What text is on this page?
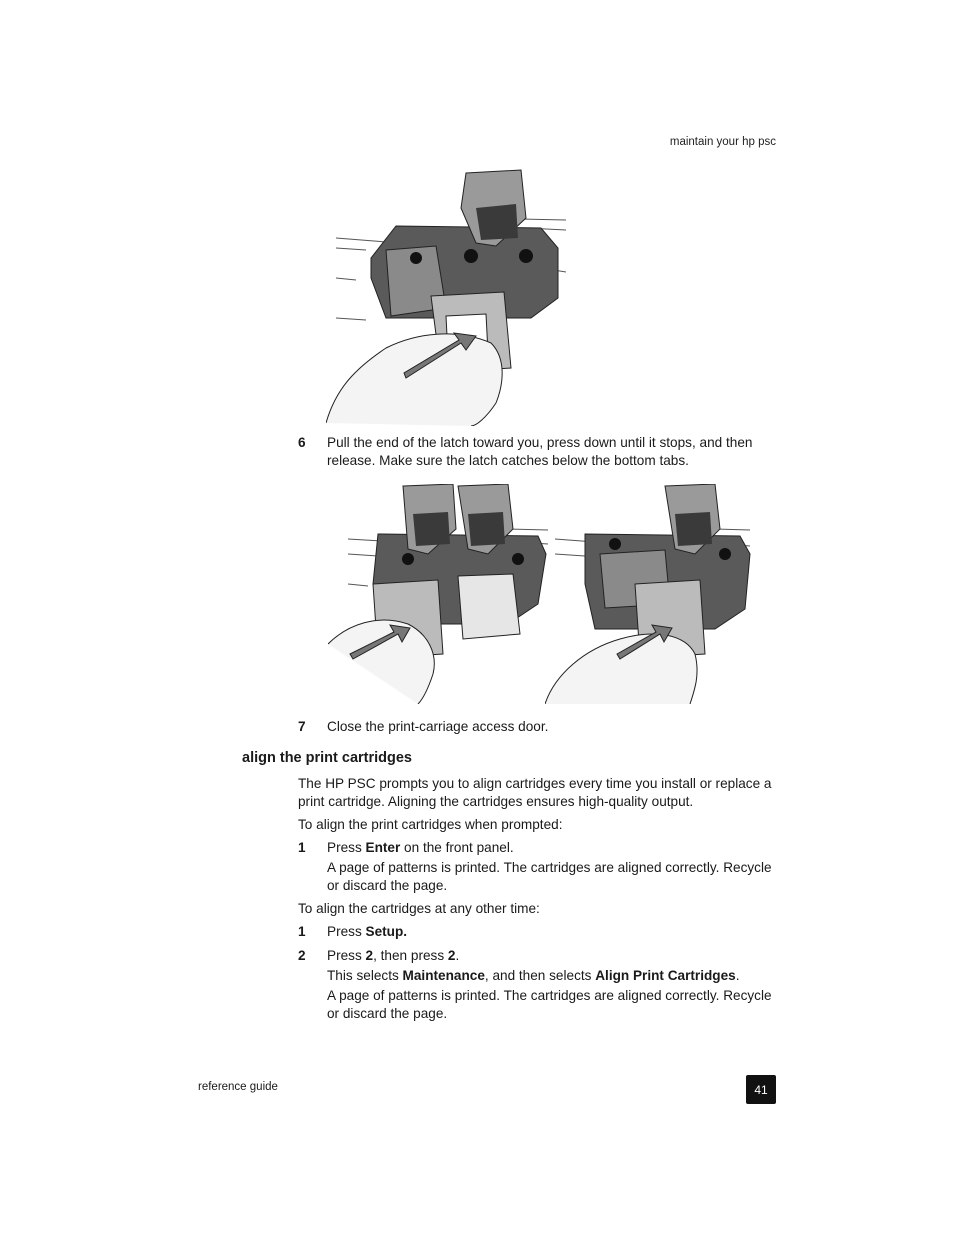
maintain your hp psc
6 Pull the end of the latch toward you, press down until it stops, and then release. Make sure the latch catches below the bottom tabs.
7 Close the print-carriage access door.
align the print cartridges
The HP PSC prompts you to align cartridges every time you install or replace a print cartridge. Aligning the cartridges ensures high-quality output.
To align the print cartridges when prompted:
1 Press Enter on the front panel.
A page of patterns is printed. The cartridges are aligned correctly. Recycle or discard the page.
To align the cartridges at any other time:
1 Press Setup.
2 Press 2, then press 2.
This selects Maintenance, and then selects Align Print Cartridges.
A page of patterns is printed. The cartridges are aligned correctly. Recycle or discard the page.
reference guide	41
